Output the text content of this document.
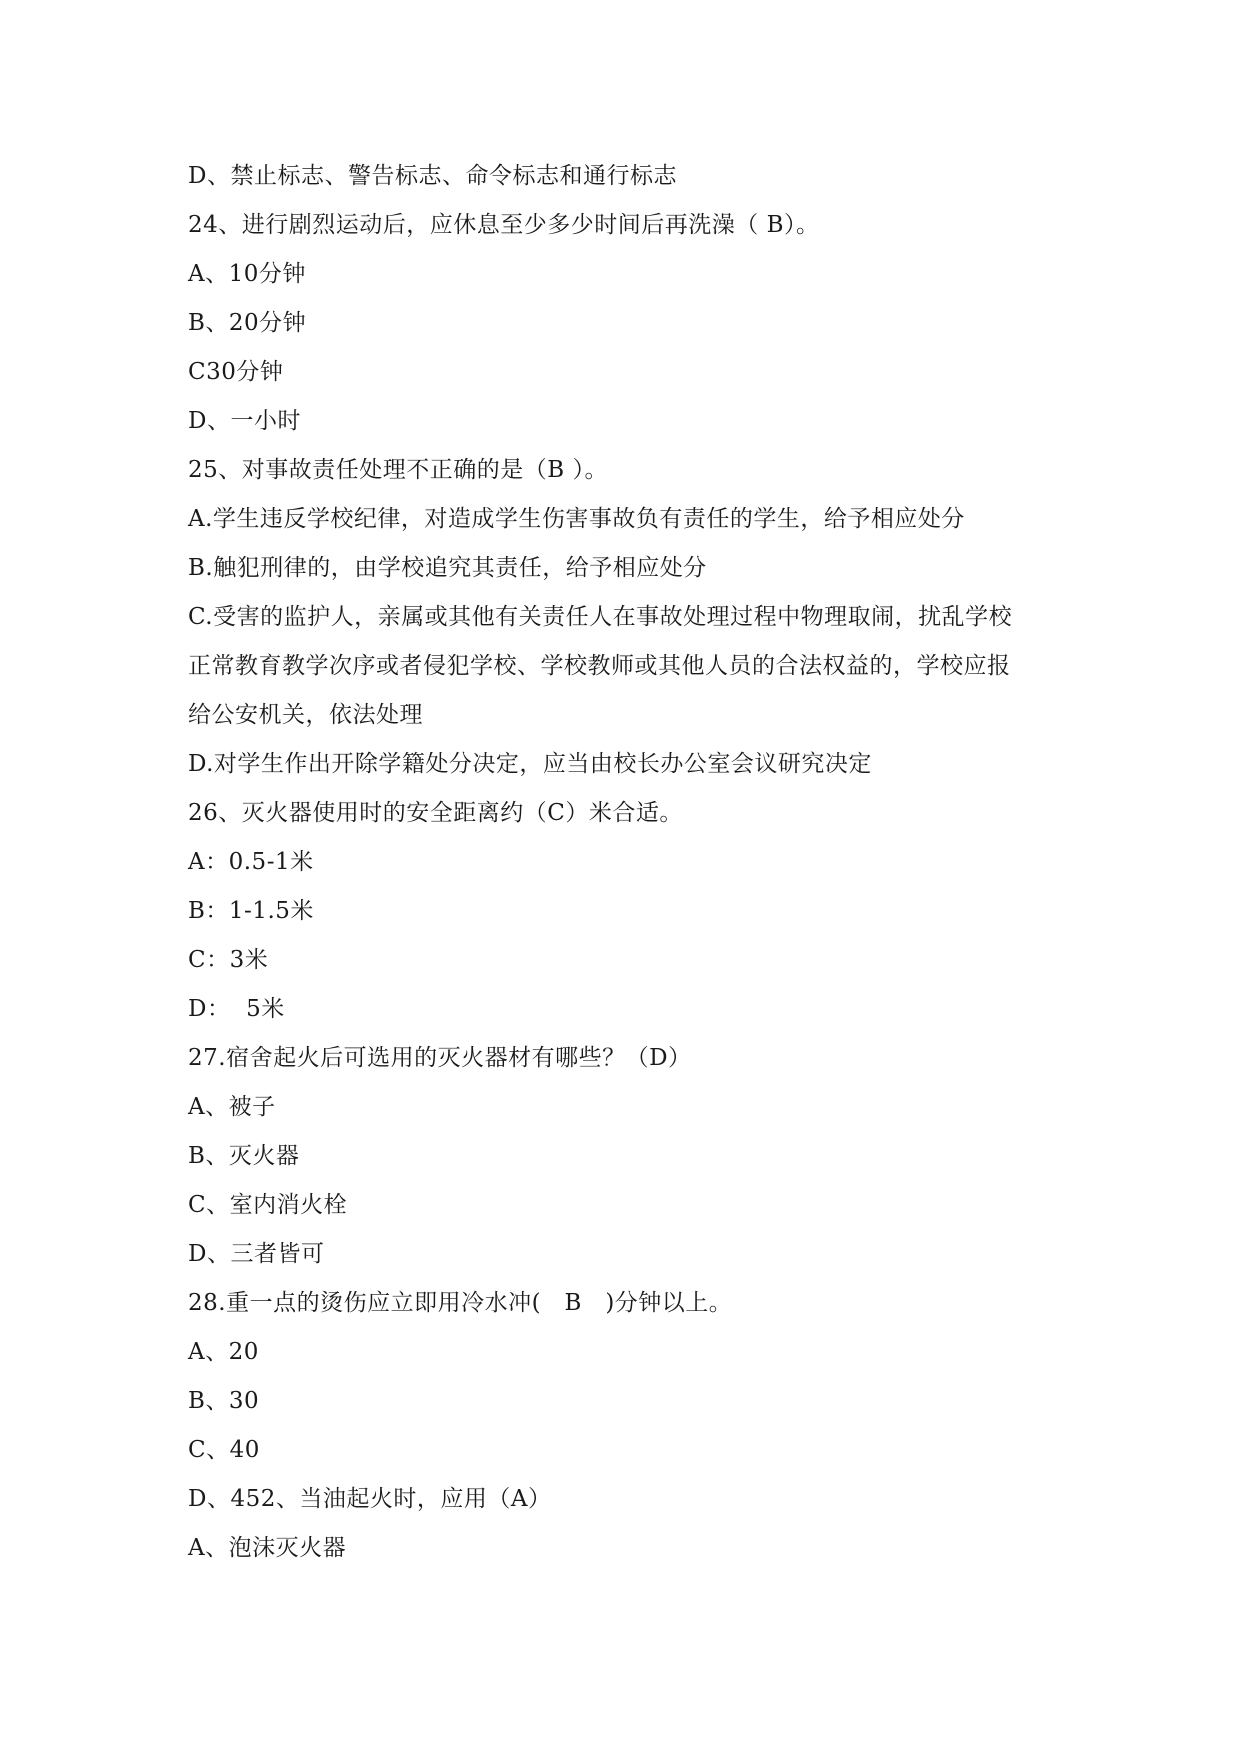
D、禁止标志、警告标志、命令标志和通行标志
24、进行剧烈运动后，应休息至少多少时间后再洗澡（ B）。
A、10分钟
B、20分钟
C30分钟
D、一小时
25、对事故责任处理不正确的是（B ）。
A.学生违反学校纪律，对造成学生伤害事故负有责任的学生，给予相应处分
B.触犯刑律的，由学校追究其责任，给予相应处分
C.受害的监护人，亲属或其他有关责任人在事故处理过程中物理取闹，扰乱学校
正常教育教学次序或者侵犯学校、学校教师或其他人员的合法权益的，学校应报
给公安机关，依法处理
D.对学生作出开除学籍处分决定，应当由校长办公室会议研究决定
26、灭火器使用时的安全距离约（C）米合适。
A：0.5-1米
B：1-1.5米
C：3米
D：  5米
27.宿舍起火后可选用的灭火器材有哪些？（D）
A、被子
B、灭火器
C、室内消火栓
D、三者皆可
28.重一点的烫伤应立即用冷水冲(   B   )分钟以上。
A、20
B、30
C、40
D、452、当油起火时，应用（A）
A、泡沫灭火器
